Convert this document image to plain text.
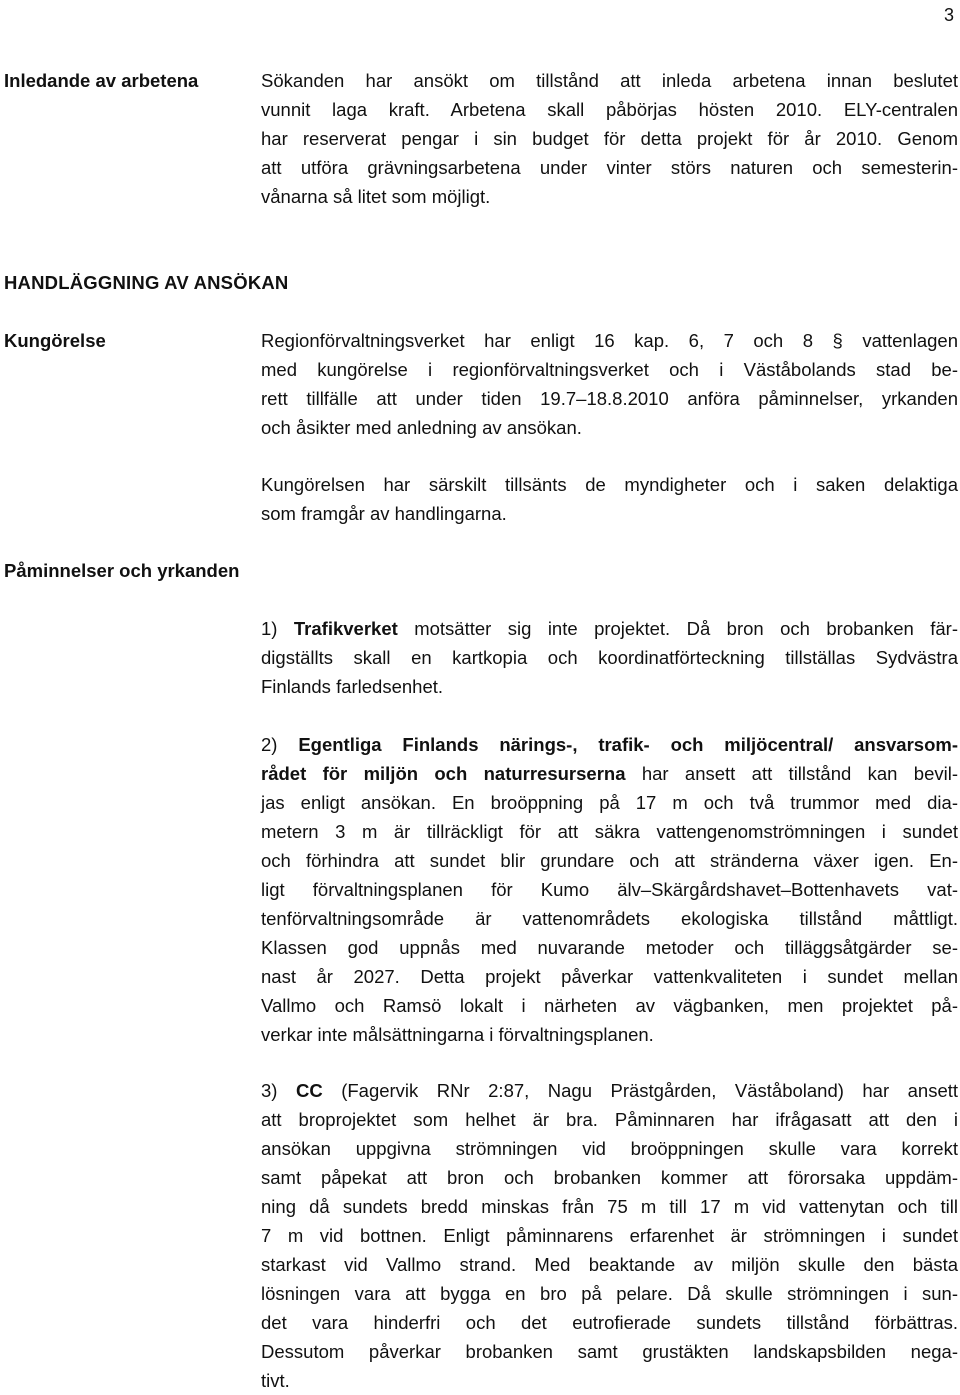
3
Inledande av arbetena	Sökanden har ansökt om tillstånd att inleda arbetena innan beslutet
vunnit laga kraft. Arbetena skall påbörjas hösten 2010. ELY-centralen
har reserverat pengar i sin budget för detta projekt för år 2010. Genom
att utföra grävningsarbetena under vinter störs naturen och semesterin-
vånarna så litet som möjligt.
HANDLÄGGNING AV ANSÖKAN
Kungörelse	Regionförvaltningsverket har enligt 16 kap. 6, 7 och 8 § vattenlagen
med kungörelse i regionförvaltningsverket och i Väståbolands stad be-
rett tillfälle att under tiden 19.7–18.8.2010 anföra påminnelser, yrkanden
och åsikter med anledning av ansökan.
Kungörelsen har särskilt tillsänts de myndigheter och i saken delaktiga
som framgår av handlingarna.
Påminnelser och yrkanden
1) Trafikverket motsätter sig inte projektet. Då bron och brobanken fär-
digställts skall en kartkopia och koordinatförteckning tillställas Sydvästra
Finlands farledsenhet.
2) Egentliga Finlands närings-, trafik- och miljöcentral/ ansvarsom-
rådet för miljön och naturresurserna har ansett att tillstånd kan bevil-
jas enligt ansökan. En broöppning på 17 m och två trummor med dia-
metern 3 m är tillräckligt för att säkra vattengenomströmningen i sundet
och förhindra att sundet blir grundare och att stränderna växer igen. En-
ligt förvaltningsplanen för Kumo älv–Skärgårdshavet–Bottenhavets vat-
tenförvaltningsområde är vattenområdets ekologiska tillstånd måttligt.
Klassen god uppnås med nuvarande metoder och tilläggsåtgärder se-
nast år 2027. Detta projekt påverkar vattenkvaliteten i sundet mellan
Vallmo och Ramsö lokalt i närheten av vägbanken, men projektet på-
verkar inte målsättningarna i förvaltningsplanen.
3) CC (Fagervik RNr 2:87, Nagu Prästgården, Väståboland) har ansett
att broprojektet som helhet är bra. Påminnaren har ifrågasatt att den i
ansökan uppgivna strömningen vid broöppningen skulle vara korrekt
samt påpekat att bron och brobanken kommer att förorsaka uppdäm-
ning då sundets bredd minskas från 75 m till 17 m vid vattenytan och till
7 m vid bottnen. Enligt påminnarens erfarenhet är strömningen i sundet
starkast vid Vallmo strand. Med beaktande av miljön skulle den bästa
lösningen vara att bygga en bro på pelare. Då skulle strömningen i sun-
det vara hinderfri och det eutrofierade sundets tillstånd förbättras.
Dessutom påverkar brobanken samt grustäkten landskapsbilden nega-
tivt.
